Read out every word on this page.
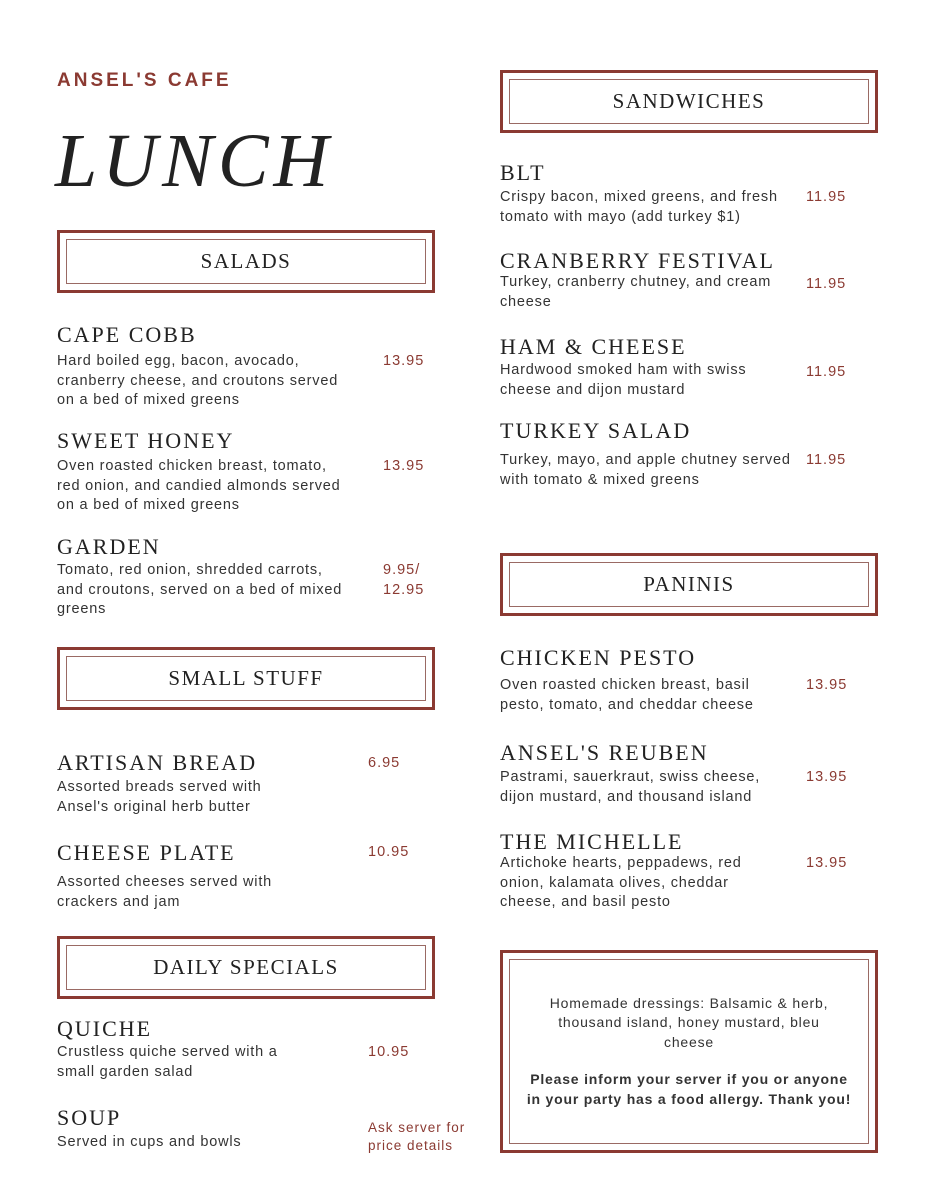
ANSEL'S CAFE
LUNCH
SALADS
CAPE COBB
Hard boiled egg, bacon, avocado, cranberry cheese, and croutons served on a bed of mixed greens
13.95
SWEET HONEY
Oven roasted chicken breast, tomato, red onion, and candied almonds served on a bed of mixed greens
13.95
GARDEN
Tomato, red onion, shredded carrots, and croutons, served on a bed of mixed greens
9.95/ 12.95
SMALL STUFF
ARTISAN BREAD
Assorted breads served with Ansel's original herb butter
6.95
CHEESE PLATE
Assorted cheeses served with crackers and jam
10.95
DAILY SPECIALS
QUICHE
Crustless quiche served with a small garden salad
10.95
SOUP
Served in cups and bowls
Ask server for price details
SANDWICHES
BLT
Crispy bacon, mixed greens, and fresh tomato with mayo (add turkey $1)
11.95
CRANBERRY FESTIVAL
Turkey, cranberry chutney, and cream cheese
11.95
HAM & CHEESE
Hardwood smoked ham with swiss cheese and dijon mustard
11.95
TURKEY SALAD
Turkey, mayo, and apple chutney served with tomato & mixed greens
11.95
PANINIS
CHICKEN PESTO
Oven roasted chicken breast, basil pesto, tomato, and cheddar cheese
13.95
ANSEL'S REUBEN
Pastrami, sauerkraut, swiss cheese, dijon mustard, and thousand island
13.95
THE MICHELLE
Artichoke hearts, peppadews, red onion, kalamata olives, cheddar cheese, and basil pesto
13.95
Homemade dressings: Balsamic & herb, thousand island, honey mustard, bleu cheese
Please inform your server if you or anyone in your party has a food allergy. Thank you!
